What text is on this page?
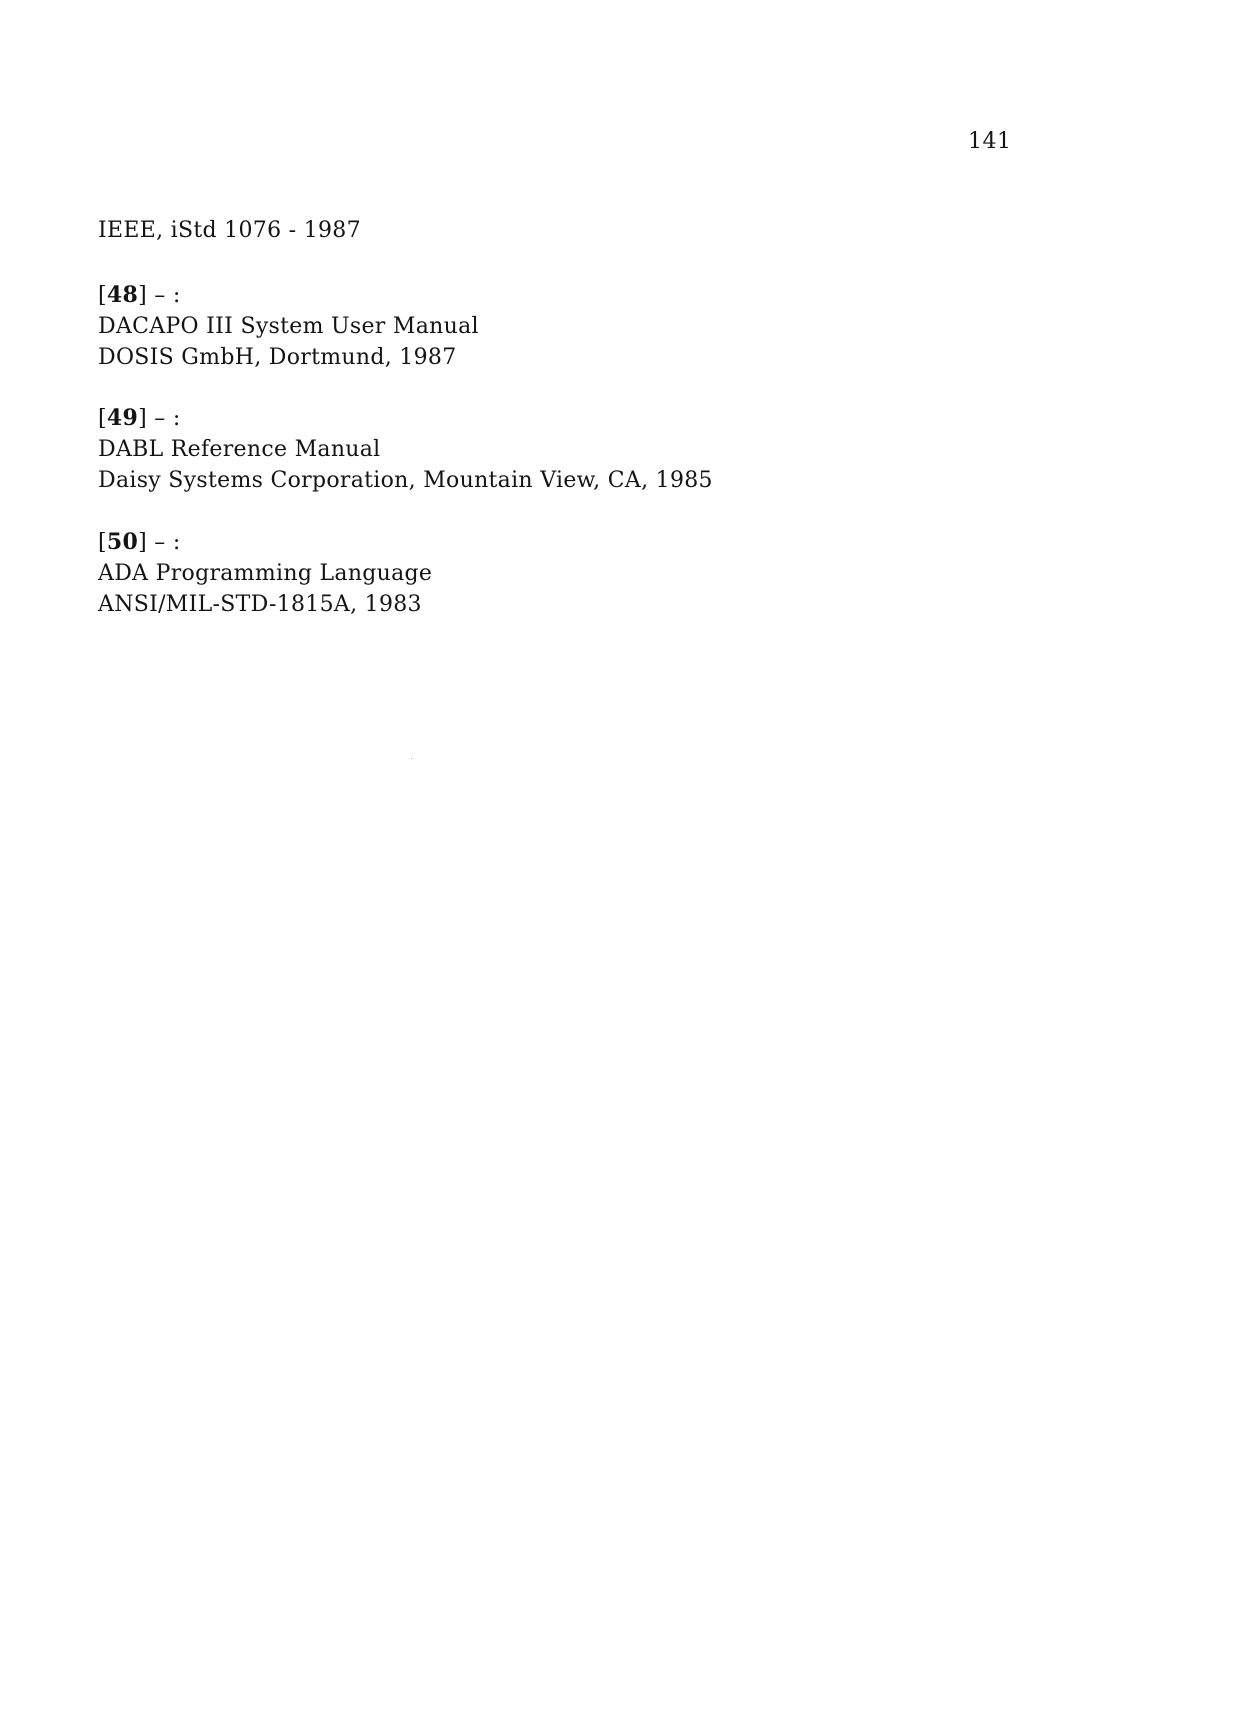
141
IEEE, iStd 1076 - 1987
[48] – :
DACAPO III System User Manual
DOSIS GmbH, Dortmund, 1987
[49] – :
DABL Reference Manual
Daisy Systems Corporation, Mountain View, CA, 1985
[50] – :
ADA Programming Language
ANSI/MIL-STD-1815A, 1983
